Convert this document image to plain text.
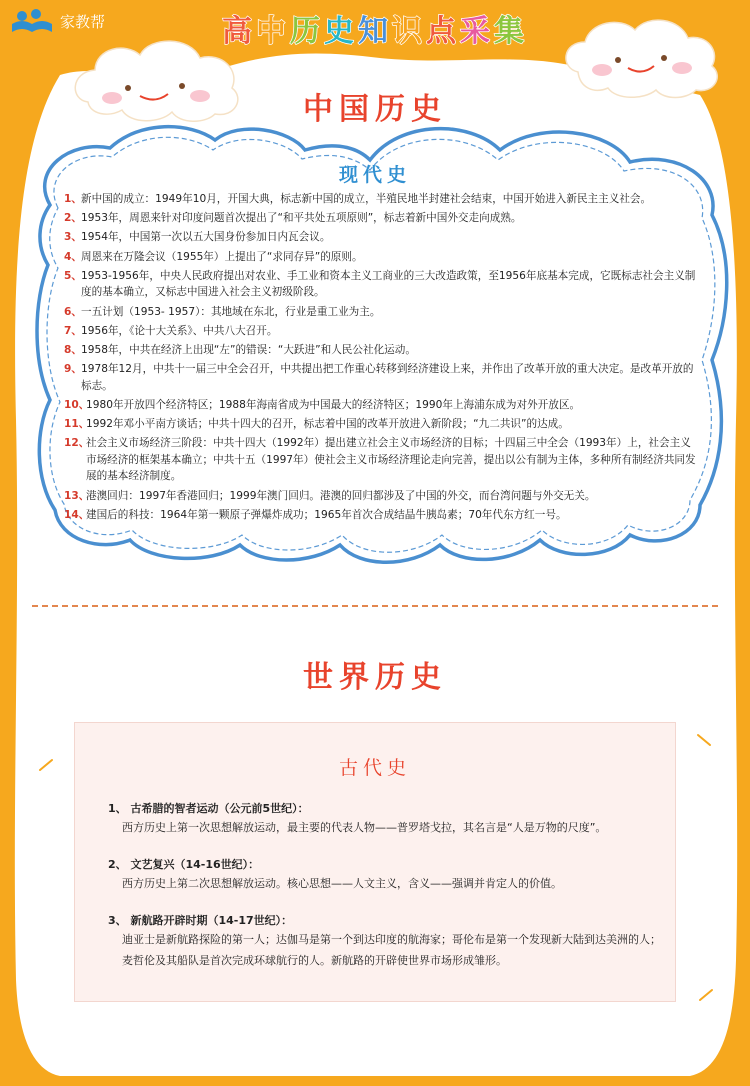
家教帮	高中历史知识点采集
中国历史
现代史
1、 新中国的成立：1949年10月，开国大典，标志新中国的成立，半殖民地半封建社会结束，中国开始进入新民主主义社会。
2、 1953年，周恩来针对印度问题首次提出了“和平共处五项原则”，标志着新中国外交走向成熟。
3、 1954年，中国第一次以五大国身份参加日内瓦会议。
4、 周恩来在万隆会议（1955年）上提出了“求同存异”的原则。
5、 1953-1956年，中央人民政府提出对农业、手工业和资本主义工商业的三大改造政策，至1956年底基本完成，它既标志社会主义制度的基本确立，又标志中国进入社会主义初级阶段。
6、 一五计划（1953- 1957）：其地域在东北，行业是重工业为主。
7、 1956年，《论十大关系》、中共八大召开。
8、 1958年，中共在经济上出现“左”的错误：“大跃进”和人民公社化运动。
9、 1978年12月，中共十一届三中全会召开，中共提出把工作重心转移到经济建设上来，并作出了改革开放的重大决定。是改革开放的标志。
10、
1980年开放四个经济特区；1988年海南省成为中国最大的经济特区；1990年上海浦东成为对外开放区。
11、
1992年邓小平南方谈话；中共十四大的召开，标志着中国的改革开放进入新阶段；“九二共识”的达成。
12、
社会主义市场经济三阶段：中共十四大（1992年）提出建立社会主义市场经济的目标；十四届三中全会（1993年）上，社会主义市场经济的框架基本确立；中共十五（1997年）使社会主义市场经济理论走向完善，提出以公有制为主体，多种所有制经济共同发展的基本经济制度。
13、
港澳回归：1997年香港回归；1999年澳门回归。港澳的回归都涉及了中国的外交，而台湾问题与外交无关。
14、
建国后的科技：1964年第一颗原子弹爆炸成功；1965年首次合成结晶牛胰岛素；70年代东方红一号。
世界历史
古代史
1、 古希腊的智者运动（公元前5世纪）：
西方历史上第一次思想解放运动，最主要的代表人物——普罗塔戈拉，其名言是“人是万物的尺度”。
2、 文艺复兴（14-16世纪）：
西方历史上第二次思想解放运动。核心思想——人文主义，含义——强调并肯定人的价值。
3、 新航路开辟时期（14-17世纪）：
迪亚士是新航路探险的第一人；达伽马是第一个到达印度的航海家；哥伦布是第一个发现新大陆到达美洲的人；
麦哲伦及其船队是首次完成环球航行的人。新航路的开辟使世界市场形成雏形。
